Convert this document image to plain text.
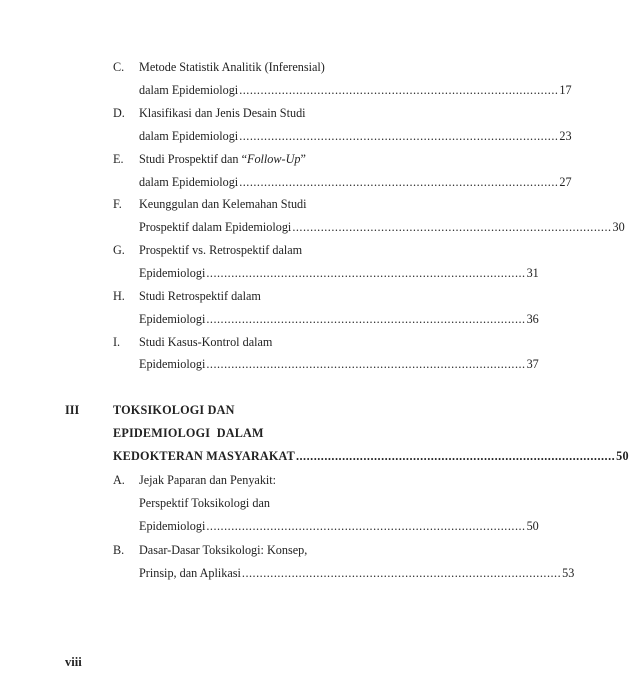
C. Metode Statistik Analitik (Inferensial)
dalam Epidemiologi .......................................................................................... 17
D. Klasifikasi dan Jenis Desain Studi
dalam Epidemiologi .......................................................................................... 23
E. Studi Prospektif dan “Follow-Up”
dalam Epidemiologi .......................................................................................... 27
F. Keunggulan dan Kelemahan Studi
Prospektif dalam Epidemiologi .......................................................................................... 30
G. Prospektif vs. Retrospektif dalam
Epidemiologi .......................................................................................... 31
H. Studi Retrospektif dalam
Epidemiologi .......................................................................................... 36
I. Studi Kasus-Kontrol dalam
Epidemiologi .......................................................................................... 37
III	TOKSIKOLOGI DAN
EPIDEMIOLOGI  DALAM
KEDOKTERAN MASYARAKAT .......................................................................................... 50
A. Jejak Paparan dan Penyakit:
Perspektif Toksikologi dan
Epidemiologi .......................................................................................... 50
B. Dasar-Dasar Toksikologi: Konsep,
Prinsip, dan Aplikasi .......................................................................................... 53
viii
